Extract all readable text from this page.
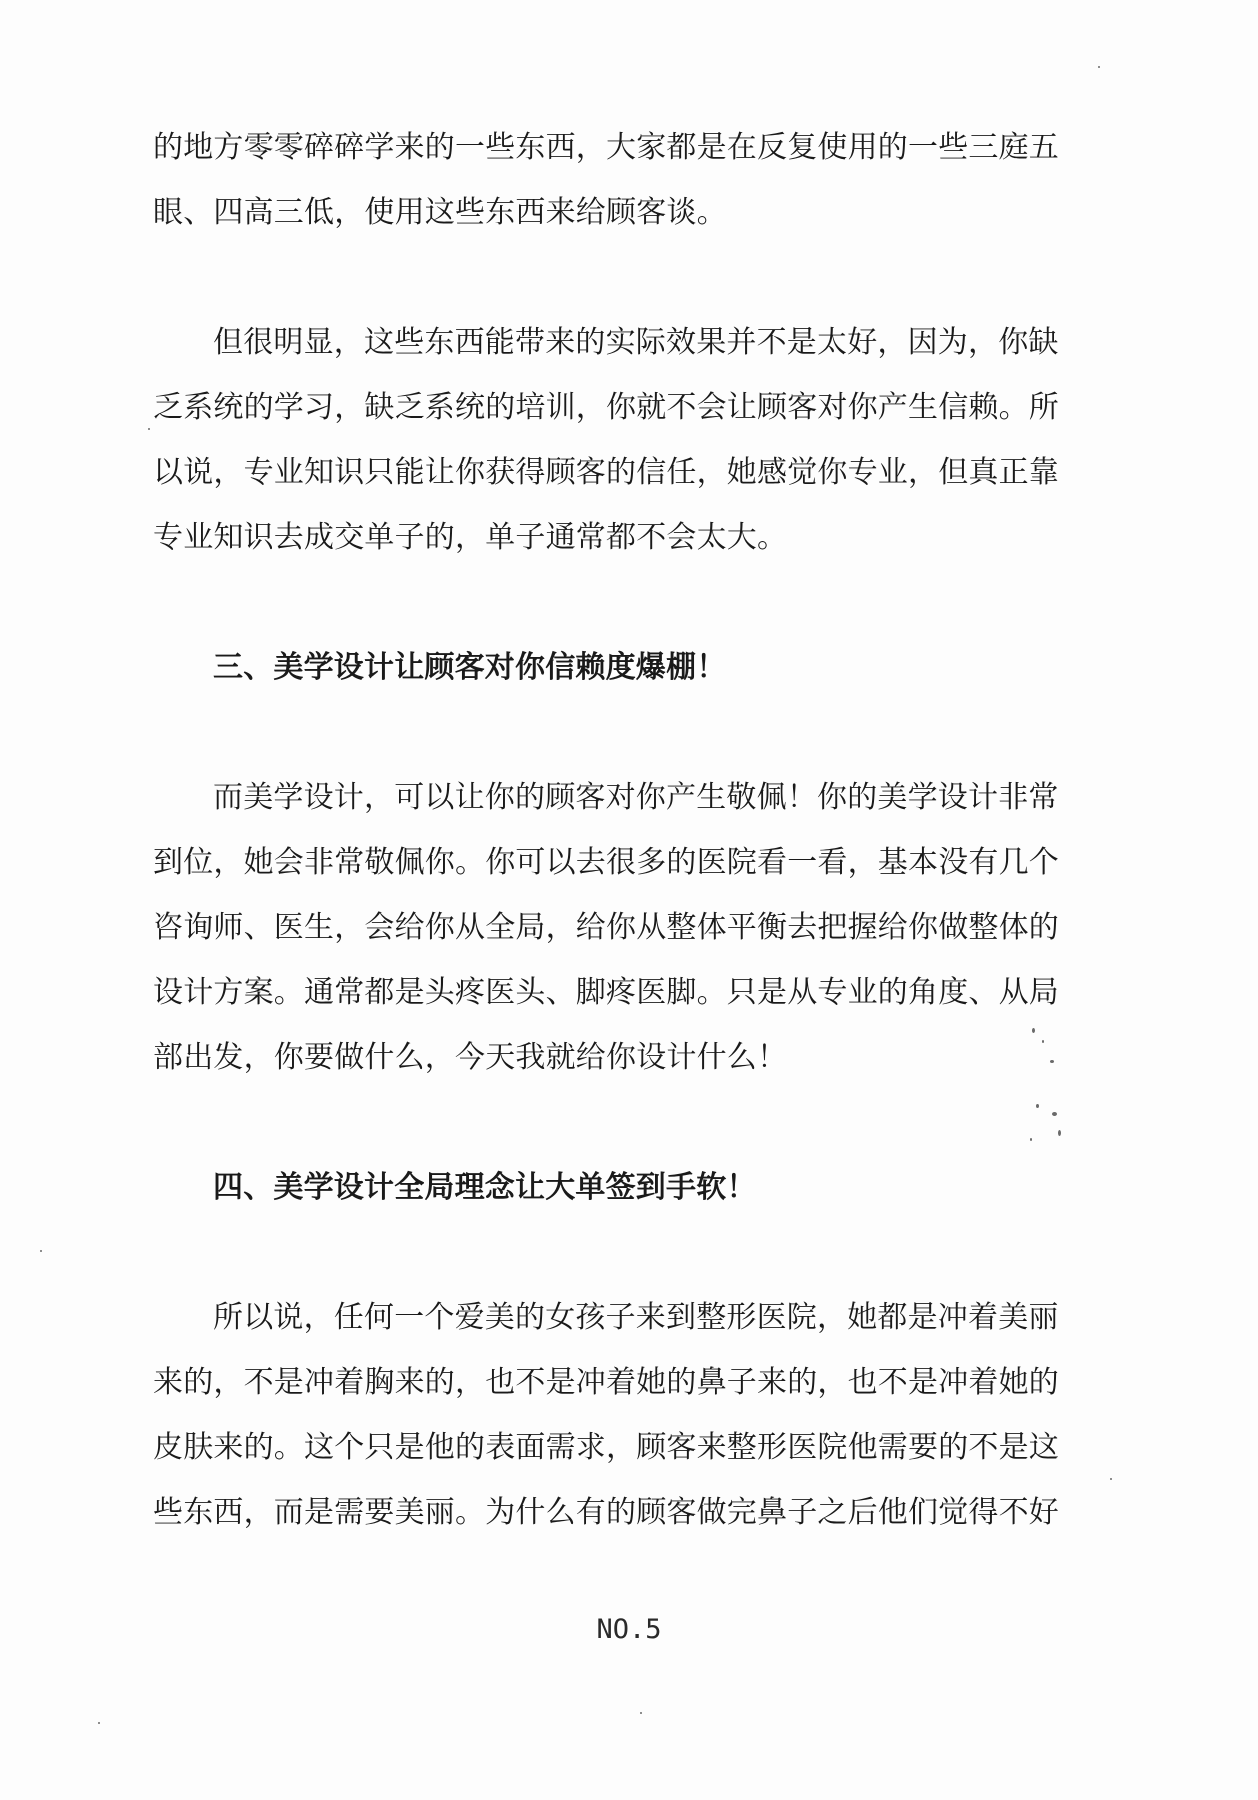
的地方零零碎碎学来的一些东西，大家都是在反复使用的一些三庭五
眼、四高三低，使用这些东西来给顾客谈。
但很明显，这些东西能带来的实际效果并不是太好，因为，你缺
乏系统的学习，缺乏系统的培训，你就不会让顾客对你产生信赖。所
以说，专业知识只能让你获得顾客的信任，她感觉你专业，但真正靠
专业知识去成交单子的，单子通常都不会太大。
三、美学设计让顾客对你信赖度爆棚！
而美学设计，可以让你的顾客对你产生敬佩！你的美学设计非常
到位，她会非常敬佩你。你可以去很多的医院看一看，基本没有几个
咨询师、医生，会给你从全局，给你从整体平衡去把握给你做整体的
设计方案。通常都是头疼医头、脚疼医脚。只是从专业的角度、从局
部出发，你要做什么，今天我就给你设计什么！
四、美学设计全局理念让大单签到手软！
所以说，任何一个爱美的女孩子来到整形医院，她都是冲着美丽
来的，不是冲着胸来的，也不是冲着她的鼻子来的，也不是冲着她的
皮肤来的。这个只是他的表面需求，顾客来整形医院他需要的不是这
些东西，而是需要美丽。为什么有的顾客做完鼻子之后他们觉得不好
NO.5
